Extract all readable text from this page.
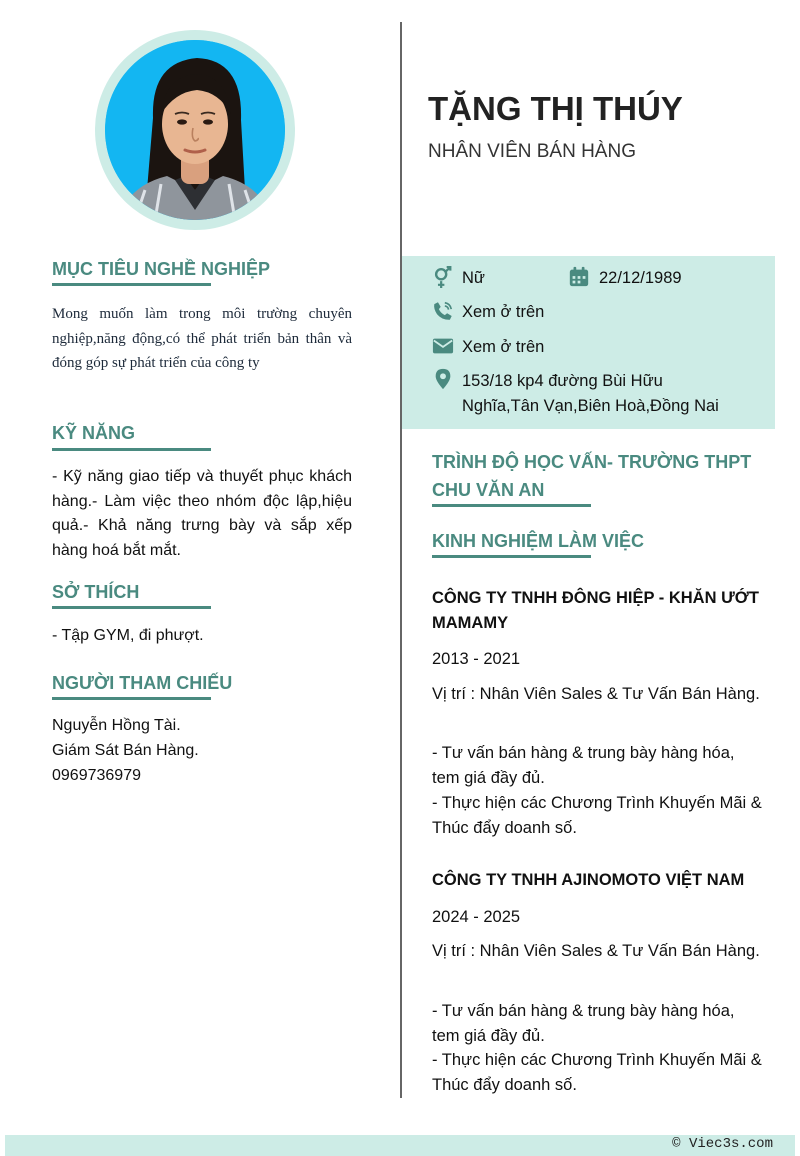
MỤC TIÊU NGHỀ NGHIỆP
Mong muốn làm trong môi trường chuyên nghiệp,năng động,có thể phát triển bản thân và đóng góp sự phát triển của công ty
KỸ NĂNG
- Kỹ năng giao tiếp và thuyết phục khách hàng.- Làm việc theo nhóm độc lập,hiệu quả.- Khả năng trưng bày và sắp xếp hàng hoá bắt mắt.
SỞ THÍCH
- Tập GYM, đi phượt.
NGƯỜI THAM CHIẾU
Nguyễn Hồng Tài.
Giám Sát Bán Hàng.
0969736979
TẶNG THỊ THÚY
NHÂN VIÊN BÁN HÀNG
Nữ	22/12/1989
Xem ở trên
Xem ở trên
153/18 kp4 đường Bùi Hữu
Nghĩa,Tân Vạn,Biên Hoà,Đồng Nai
TRÌNH ĐỘ HỌC VẤN- TRƯỜNG THPT CHU VĂN AN
KINH NGHIỆM LÀM VIỆC
CÔNG TY TNHH ĐÔNG HIỆP - KHĂN ƯỚT MAMAMY
2013 - 2021
Vị trí : Nhân Viên Sales & Tư Vấn Bán Hàng.
- Tư vấn bán hàng & trung bày hàng hóa, tem giá đầy đủ.
- Thực hiện các Chương Trình Khuyến Mãi & Thúc đẩy doanh số.
CÔNG TY TNHH AJINOMOTO VIỆT NAM
2024 - 2025
Vị trí : Nhân Viên Sales & Tư Vấn Bán Hàng.
- Tư vấn bán hàng & trung bày hàng hóa, tem giá đầy đủ.
- Thực hiện các Chương Trình Khuyến Mãi & Thúc đẩy doanh số.
© Viec3s.com
